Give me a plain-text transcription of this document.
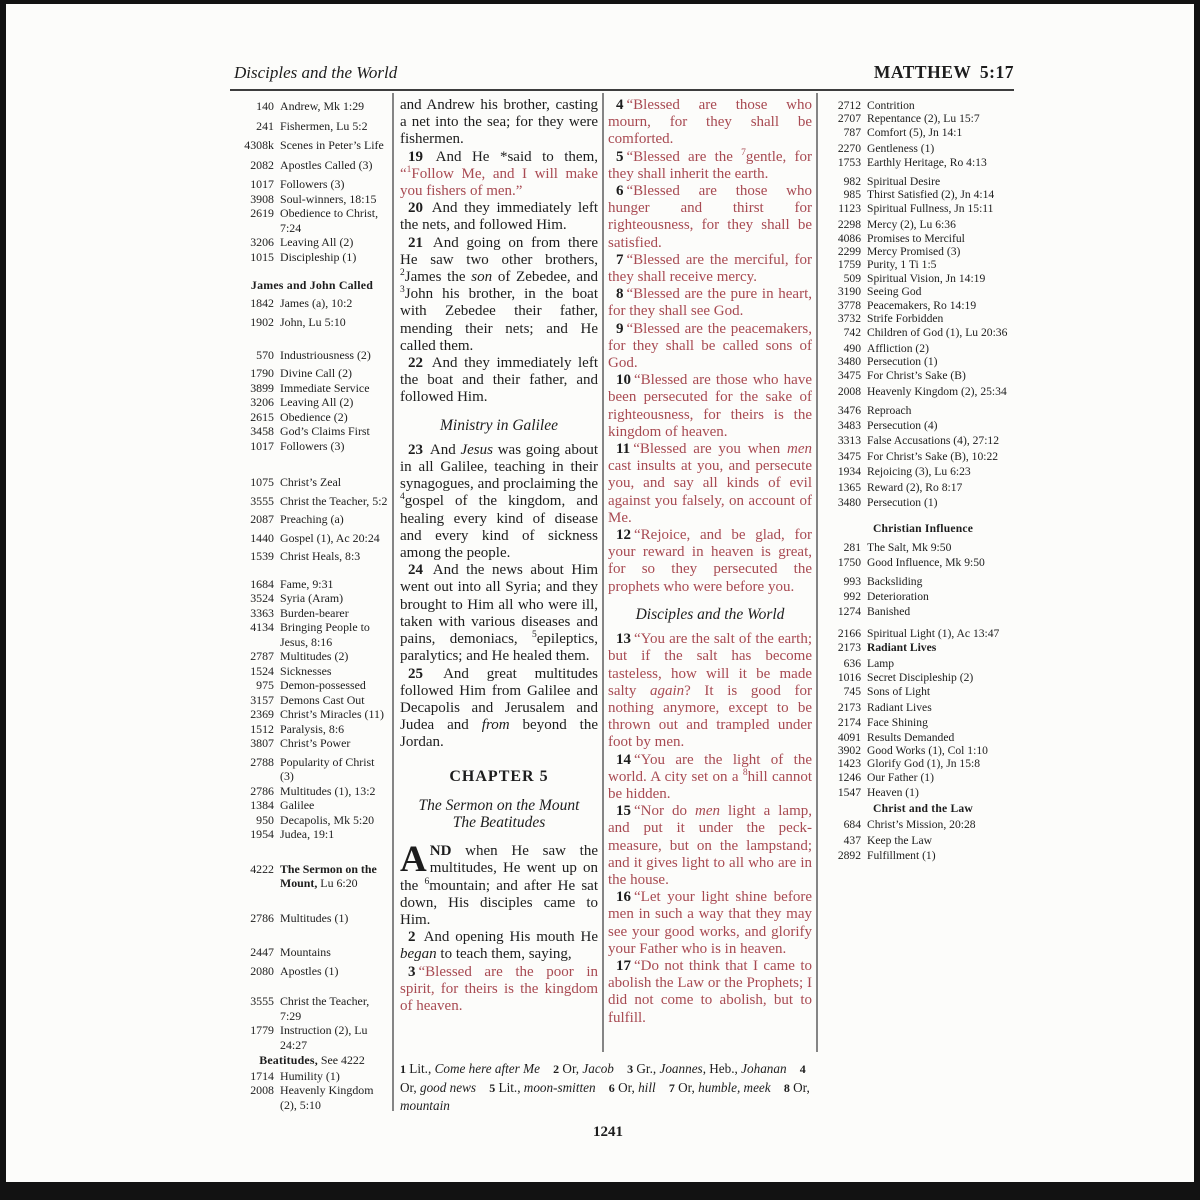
Disciples and the World	MATTHEW 5:17
140 Andrew, Mk 1:29
241 Fishermen, Lu 5:2
4308k Scenes in Peter’s Life
2082 Apostles Called (3)
1017 Followers (3)
3908 Soul-winners, 18:15
2619 Obedience to Christ, 7:24
3206 Leaving All (2)
1015 Discipleship (1)
James and John Called
1842 James (a), 10:2
1902 John, Lu 5:10
570 Industriousness (2)
1790 Divine Call (2)
3899 Immediate Service
3206 Leaving All (2)
2615 Obedience (2)
3458 God’s Claims First
1017 Followers (3)
1075 Christ’s Zeal
3555 Christ the Teacher, 5:2
2087 Preaching (a)
1440 Gospel (1), Ac 20:24
1539 Christ Heals, 8:3
1684 Fame, 9:31
3524 Syria (Aram)
3363 Burden-bearer
4134 Bringing People to Jesus, 8:16
2787 Multitudes (2)
1524 Sicknesses
975 Demon-possessed
3157 Demons Cast Out
2369 Christ’s Miracles (11)
1512 Paralysis, 8:6
3807 Christ’s Power
2788 Popularity of Christ (3)
2786 Multitudes (1), 13:2
1384 Galilee
950 Decapolis, Mk 5:20
1954 Judea, 19:1
4222 The Sermon on the Mount, Lu 6:20
2786 Multitudes (1)
2447 Mountains
2080 Apostles (1)
3555 Christ the Teacher, 7:29
1779 Instruction (2), Lu 24:27
Beatitudes, See 4222
1714 Humility (1)
2008 Heavenly Kingdom (2), 5:10

and Andrew his brother, casting a net into the sea; for they were fishermen.

19 And He *said to them, “$^1$Follow Me, and I will make you fishers of men.”

20 And they immediately left the nets, and followed Him.

21 And going on from there He saw two other brothers, $^2$James the son of Zebedee, and $^3$John his brother, in the boat with Zebedee their father, mending their nets; and He called them.

22 And they immediately left the boat and their father, and followed Him.

Ministry in Galilee

23 And Jesus was going about in all Galilee, teaching in their synagogues, and proclaiming the $^4$gospel of the kingdom, and healing every kind of disease and every kind of sickness among the people.

24 And the news about Him went out into all Syria; and they brought to Him all who were ill, taken with various diseases and pains, demoniacs, $^5$epileptics, paralytics; and He healed them.

25 And great multitudes followed Him from Galilee and Decapolis and Jerusalem and Judea and from beyond the Jordan.

CHAPTER 5
The Sermon on the Mount
The Beatitudes

AND when He saw the multitudes, He went up on the $^6$mountain; and after He sat down, His disciples came to Him.

2 And opening His mouth He began to teach them, saying,

3 “Blessed are the poor in spirit, for theirs is the kingdom of heaven.

4 “Blessed are those who mourn, for they shall be comforted.

5 “Blessed are the $^7$gentle, for they shall inherit the earth.

6 “Blessed are those who hunger and thirst for righteousness, for they shall be satisfied.

7 “Blessed are the merciful, for they shall receive mercy.

8 “Blessed are the pure in heart, for they shall see God.

9 “Blessed are the peacemakers, for they shall be called sons of God.

10 “Blessed are those who have been persecuted for the sake of righteousness, for theirs is the kingdom of heaven.

11 “Blessed are you when men cast insults at you, and persecute you, and say all kinds of evil against you falsely, on account of Me.

12 “Rejoice, and be glad, for your reward in heaven is great, for so they persecuted the prophets who were before you.

Disciples and the World

13 “You are the salt of the earth; but if the salt has become tasteless, how will it be made salty again? It is good for nothing anymore, except to be thrown out and trampled under foot by men.

14 “You are the light of the world. A city set on a $^8$hill cannot be hidden.

15 “Nor do men light a lamp, and put it under the peck-measure, but on the lampstand; and it gives light to all who are in the house.

16 “Let your light shine before men in such a way that they may see your good works, and glorify your Father who is in heaven.

17 “Do not think that I came to abolish the Law or the Prophets; I did not come to abolish, but to fulfill.

2712 Contrition
2707 Repentance (2), Lu 15:7
787 Comfort (5), Jn 14:1
2270 Gentleness (1)
1753 Earthly Heritage, Ro 4:13
982 Spiritual Desire
985 Thirst Satisfied (2), Jn 4:14
1123 Spiritual Fullness, Jn 15:11
2298 Mercy (2), Lu 6:36
4086 Promises to Merciful
2299 Mercy Promised (3)
1759 Purity, 1 Ti 1:5
509 Spiritual Vision, Jn 14:19
3190 Seeing God
3778 Peacemakers, Ro 14:19
3732 Strife Forbidden
742 Children of God (1), Lu 20:36
490 Affliction (2)
3480 Persecution (1)
3475 For Christ’s Sake (B)
2008 Heavenly Kingdom (2), 25:34
3476 Reproach
3483 Persecution (4)
3313 False Accusations (4), 27:12
3475 For Christ’s Sake (B), 10:22
1934 Rejoicing (3), Lu 6:23
1365 Reward (2), Ro 8:17
3480 Persecution (1)
Christian Influence
281 The Salt, Mk 9:50
1750 Good Influence, Mk 9:50
993 Backsliding
992 Deterioration
1274 Banished
2166 Spiritual Light (1), Ac 13:47
2173 Radiant Lives
636 Lamp
1016 Secret Discipleship (2)
745 Sons of Light
2173 Radiant Lives
2174 Face Shining
4091 Results Demanded
3902 Good Works (1), Col 1:10
1423 Glorify God (1), Jn 15:8
1246 Our Father (1)
1547 Heaven (1)
Christ and the Law
684 Christ’s Mission, 20:28
437 Keep the Law
2892 Fulfillment (1)
1 Lit., Come here after Me  2 Or, Jacob  3 Gr., Joannes, Heb., Johanan  4 Or, good news  5 Lit., moon-smitten  6 Or, hill  7 Or, humble, meek  8 Or, mountain
1241
